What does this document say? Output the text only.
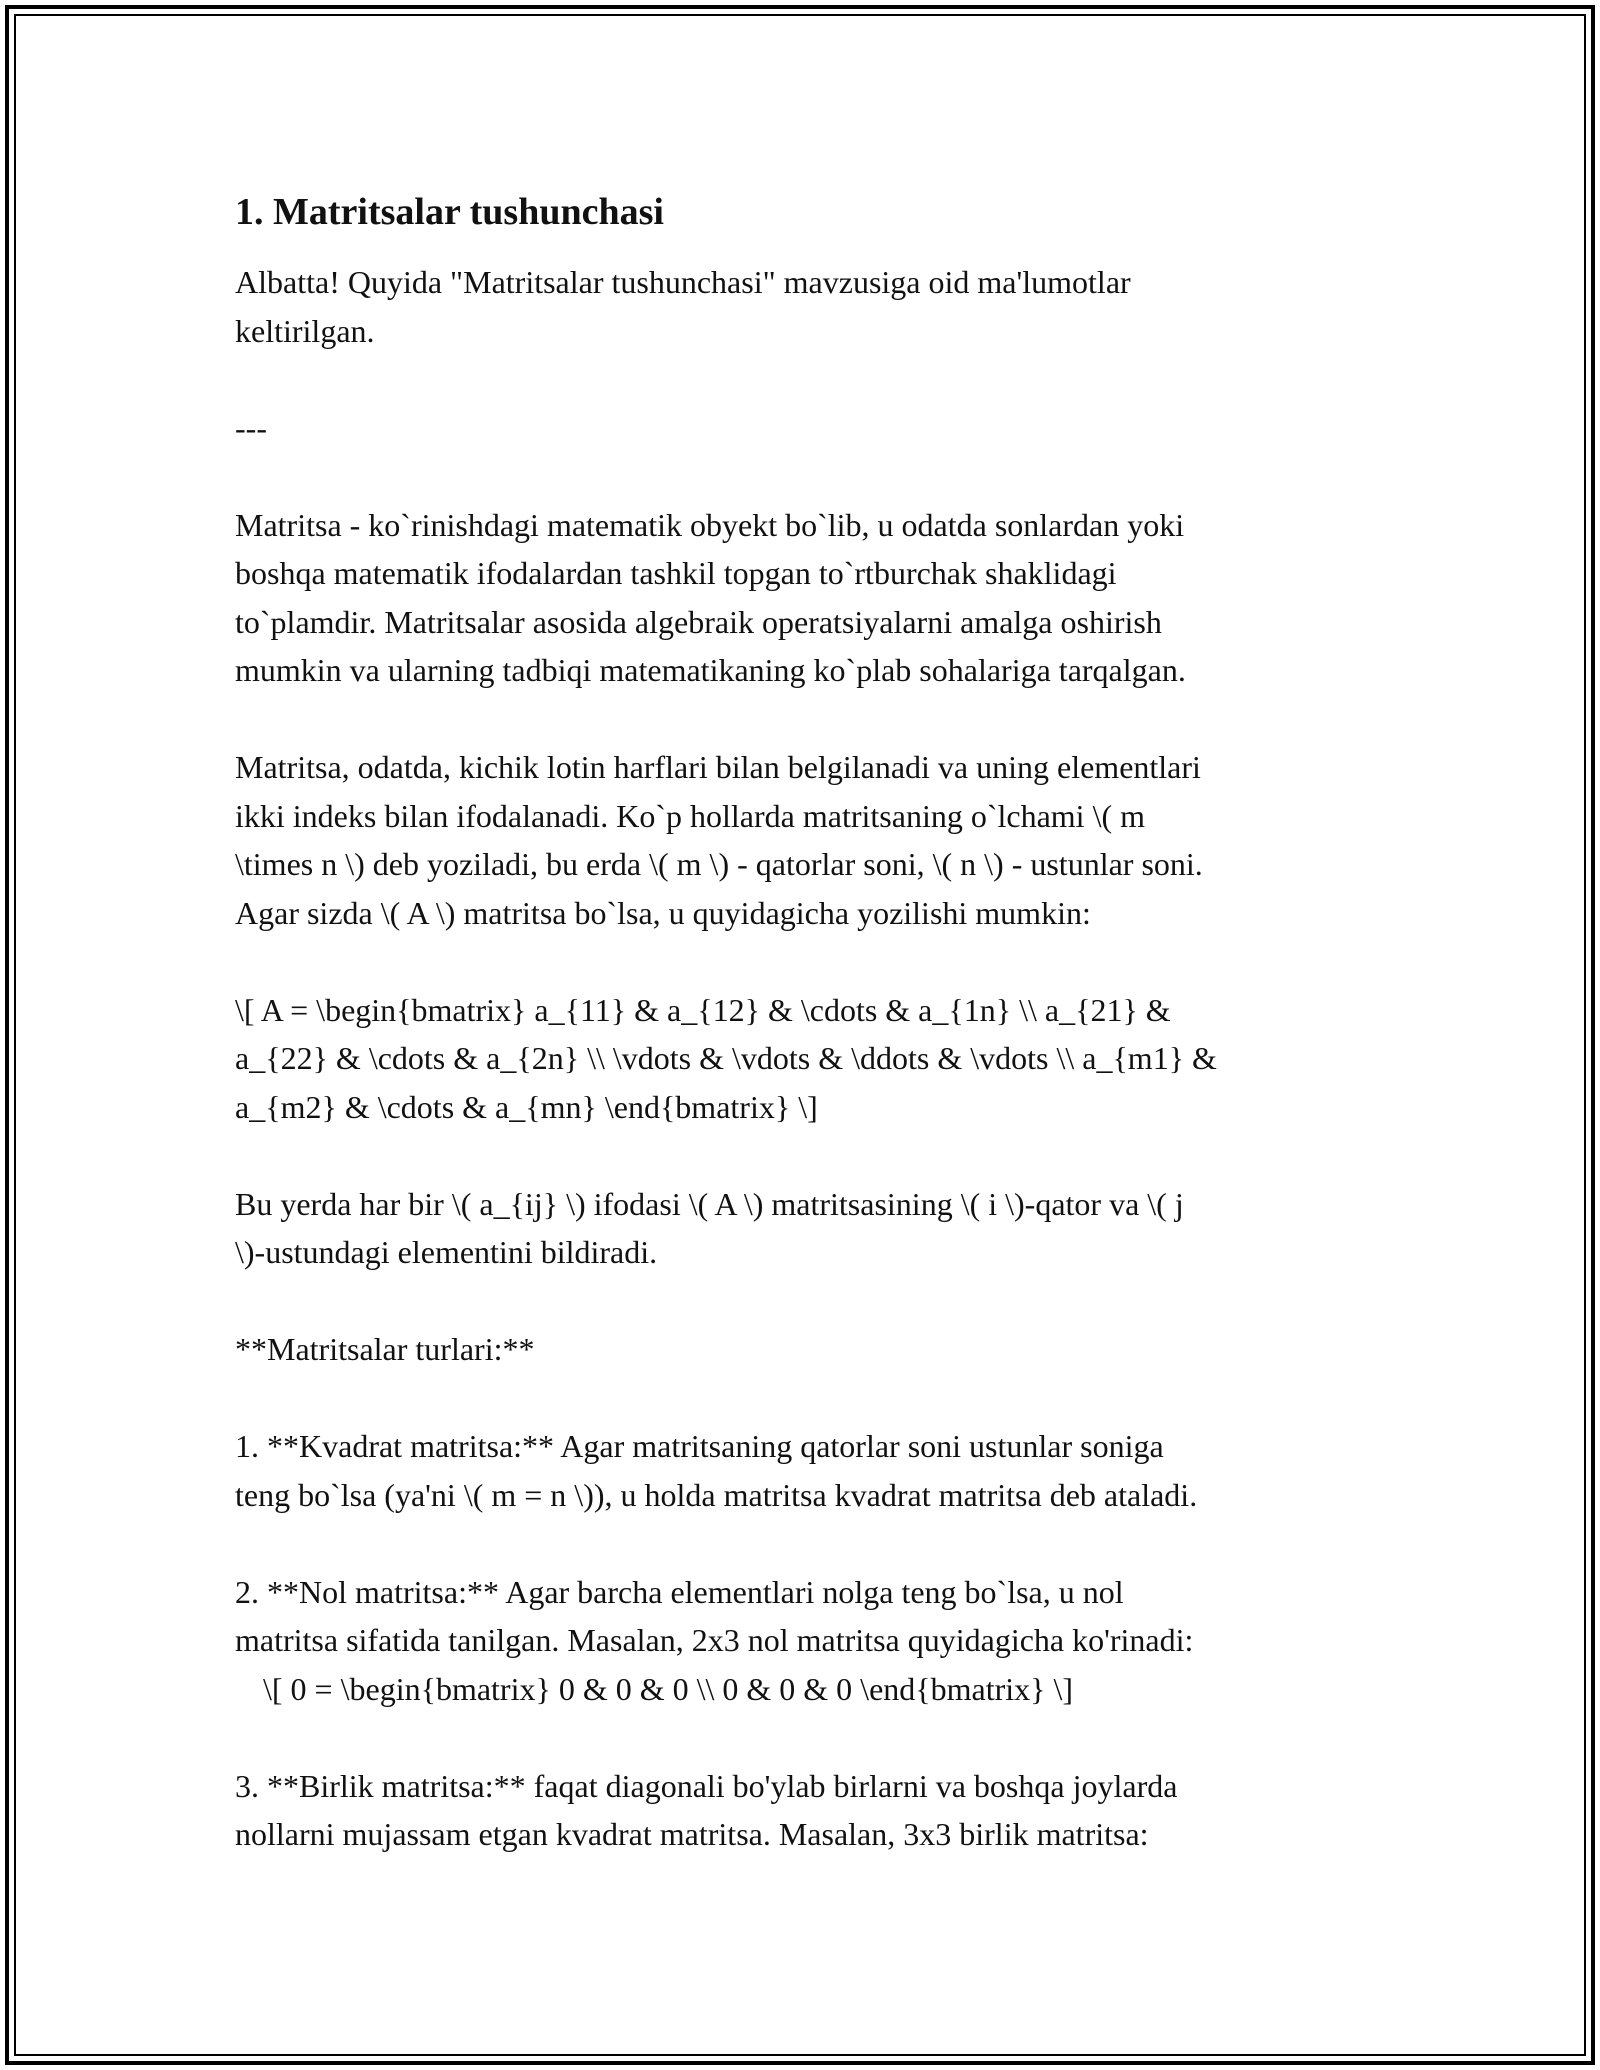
1. Matritsalar tushunchasi
Albatta! Quyida "Matritsalar tushunchasi" mavzusiga oid ma'lumotlar
keltirilgan.
---
Matritsa - ko`rinishdagi matematik obyekt bo`lib, u odatda sonlardan yoki
boshqa matematik ifodalardan tashkil topgan to`rtburchak shaklidagi
to`plamdir. Matritsalar asosida algebraik operatsiyalarni amalga oshirish
mumkin va ularning tadbiqi matematikaning ko`plab sohalariga tarqalgan.
Matritsa, odatda, kichik lotin harflari bilan belgilanadi va uning elementlari
ikki indeks bilan ifodalanadi. Ko`p hollarda matritsaning o`lchami \( m
\times n \) deb yoziladi, bu erda \( m \) - qatorlar soni, \( n \) - ustunlar soni.
Agar sizda \( A \) matritsa bo`lsa, u quyidagicha yozilishi mumkin:
\[ A = \begin{bmatrix} a_{11} & a_{12} & \cdots & a_{1n} \\ a_{21} &
a_{22} & \cdots & a_{2n} \\ \vdots & \vdots & \ddots & \vdots \\ a_{m1} &
a_{m2} & \cdots & a_{mn} \end{bmatrix} \]
Bu yerda har bir \( a_{ij} \) ifodasi \( A \) matritsasining \( i \)-qator va \( j
\)-ustundagi elementini bildiradi.
**Matritsalar turlari:**
1. **Kvadrat matritsa:** Agar matritsaning qatorlar soni ustunlar soniga
teng bo`lsa (ya'ni \( m = n \)), u holda matritsa kvadrat matritsa deb ataladi.
2. **Nol matritsa:** Agar barcha elementlari nolga teng bo`lsa, u nol
matritsa sifatida tanilgan. Masalan, 2x3 nol matritsa quyidagicha ko'rinadi:
\[ 0 = \begin{bmatrix} 0 & 0 & 0 \\ 0 & 0 & 0 \end{bmatrix} \]
3. **Birlik matritsa:** faqat diagonali bo'ylab birlarni va boshqa joylarda
nollarni mujassam etgan kvadrat matritsa. Masalan, 3x3 birlik matritsa:
